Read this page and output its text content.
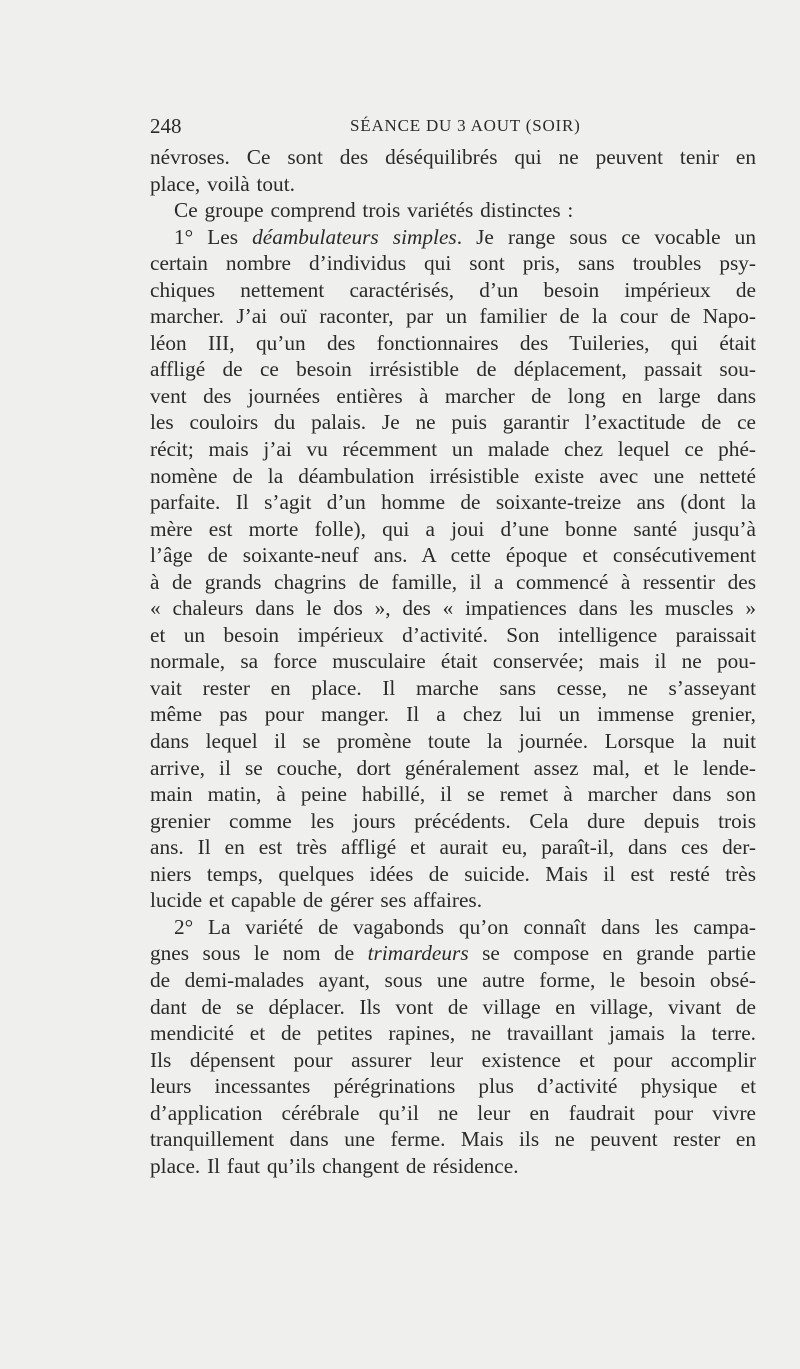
248	SÉANCE DU 3 AOUT (SOIR)
névroses. Ce sont des déséquilibrés qui ne peuvent tenir en
place, voilà tout.
Ce groupe comprend trois variétés distinctes :
1° Les déambulateurs simples. Je range sous ce vocable un
certain nombre d’individus qui sont pris, sans troubles psy-
chiques nettement caractérisés, d’un besoin impérieux de
marcher. J’ai ouï raconter, par un familier de la cour de Napo-
léon III, qu’un des fonctionnaires des Tuileries, qui était
affligé de ce besoin irrésistible de déplacement, passait sou-
vent des journées entières à marcher de long en large dans
les couloirs du palais. Je ne puis garantir l’exactitude de ce
récit; mais j’ai vu récemment un malade chez lequel ce phé-
nomène de la déambulation irrésistible existe avec une netteté
parfaite. Il s’agit d’un homme de soixante-treize ans (dont la
mère est morte folle), qui a joui d’une bonne santé jusqu’à
l’âge de soixante-neuf ans. A cette époque et consécutivement
à de grands chagrins de famille, il a commencé à ressentir des
« chaleurs dans le dos », des « impatiences dans les muscles »
et un besoin impérieux d’activité. Son intelligence paraissait
normale, sa force musculaire était conservée; mais il ne pou-
vait rester en place. Il marche sans cesse, ne s’asseyant
même pas pour manger. Il a chez lui un immense grenier,
dans lequel il se promène toute la journée. Lorsque la nuit
arrive, il se couche, dort généralement assez mal, et le lende-
main matin, à peine habillé, il se remet à marcher dans son
grenier comme les jours précédents. Cela dure depuis trois
ans. Il en est très affligé et aurait eu, paraît-il, dans ces der-
niers temps, quelques idées de suicide. Mais il est resté très
lucide et capable de gérer ses affaires.
2° La variété de vagabonds qu’on connaît dans les campa-
gnes sous le nom de trimardeurs se compose en grande partie
de demi-malades ayant, sous une autre forme, le besoin obsé-
dant de se déplacer. Ils vont de village en village, vivant de
mendicité et de petites rapines, ne travaillant jamais la terre.
Ils dépensent pour assurer leur existence et pour accomplir
leurs incessantes pérégrinations plus d’activité physique et
d’application cérébrale qu’il ne leur en faudrait pour vivre
tranquillement dans une ferme. Mais ils ne peuvent rester en
place. Il faut qu’ils changent de résidence.
